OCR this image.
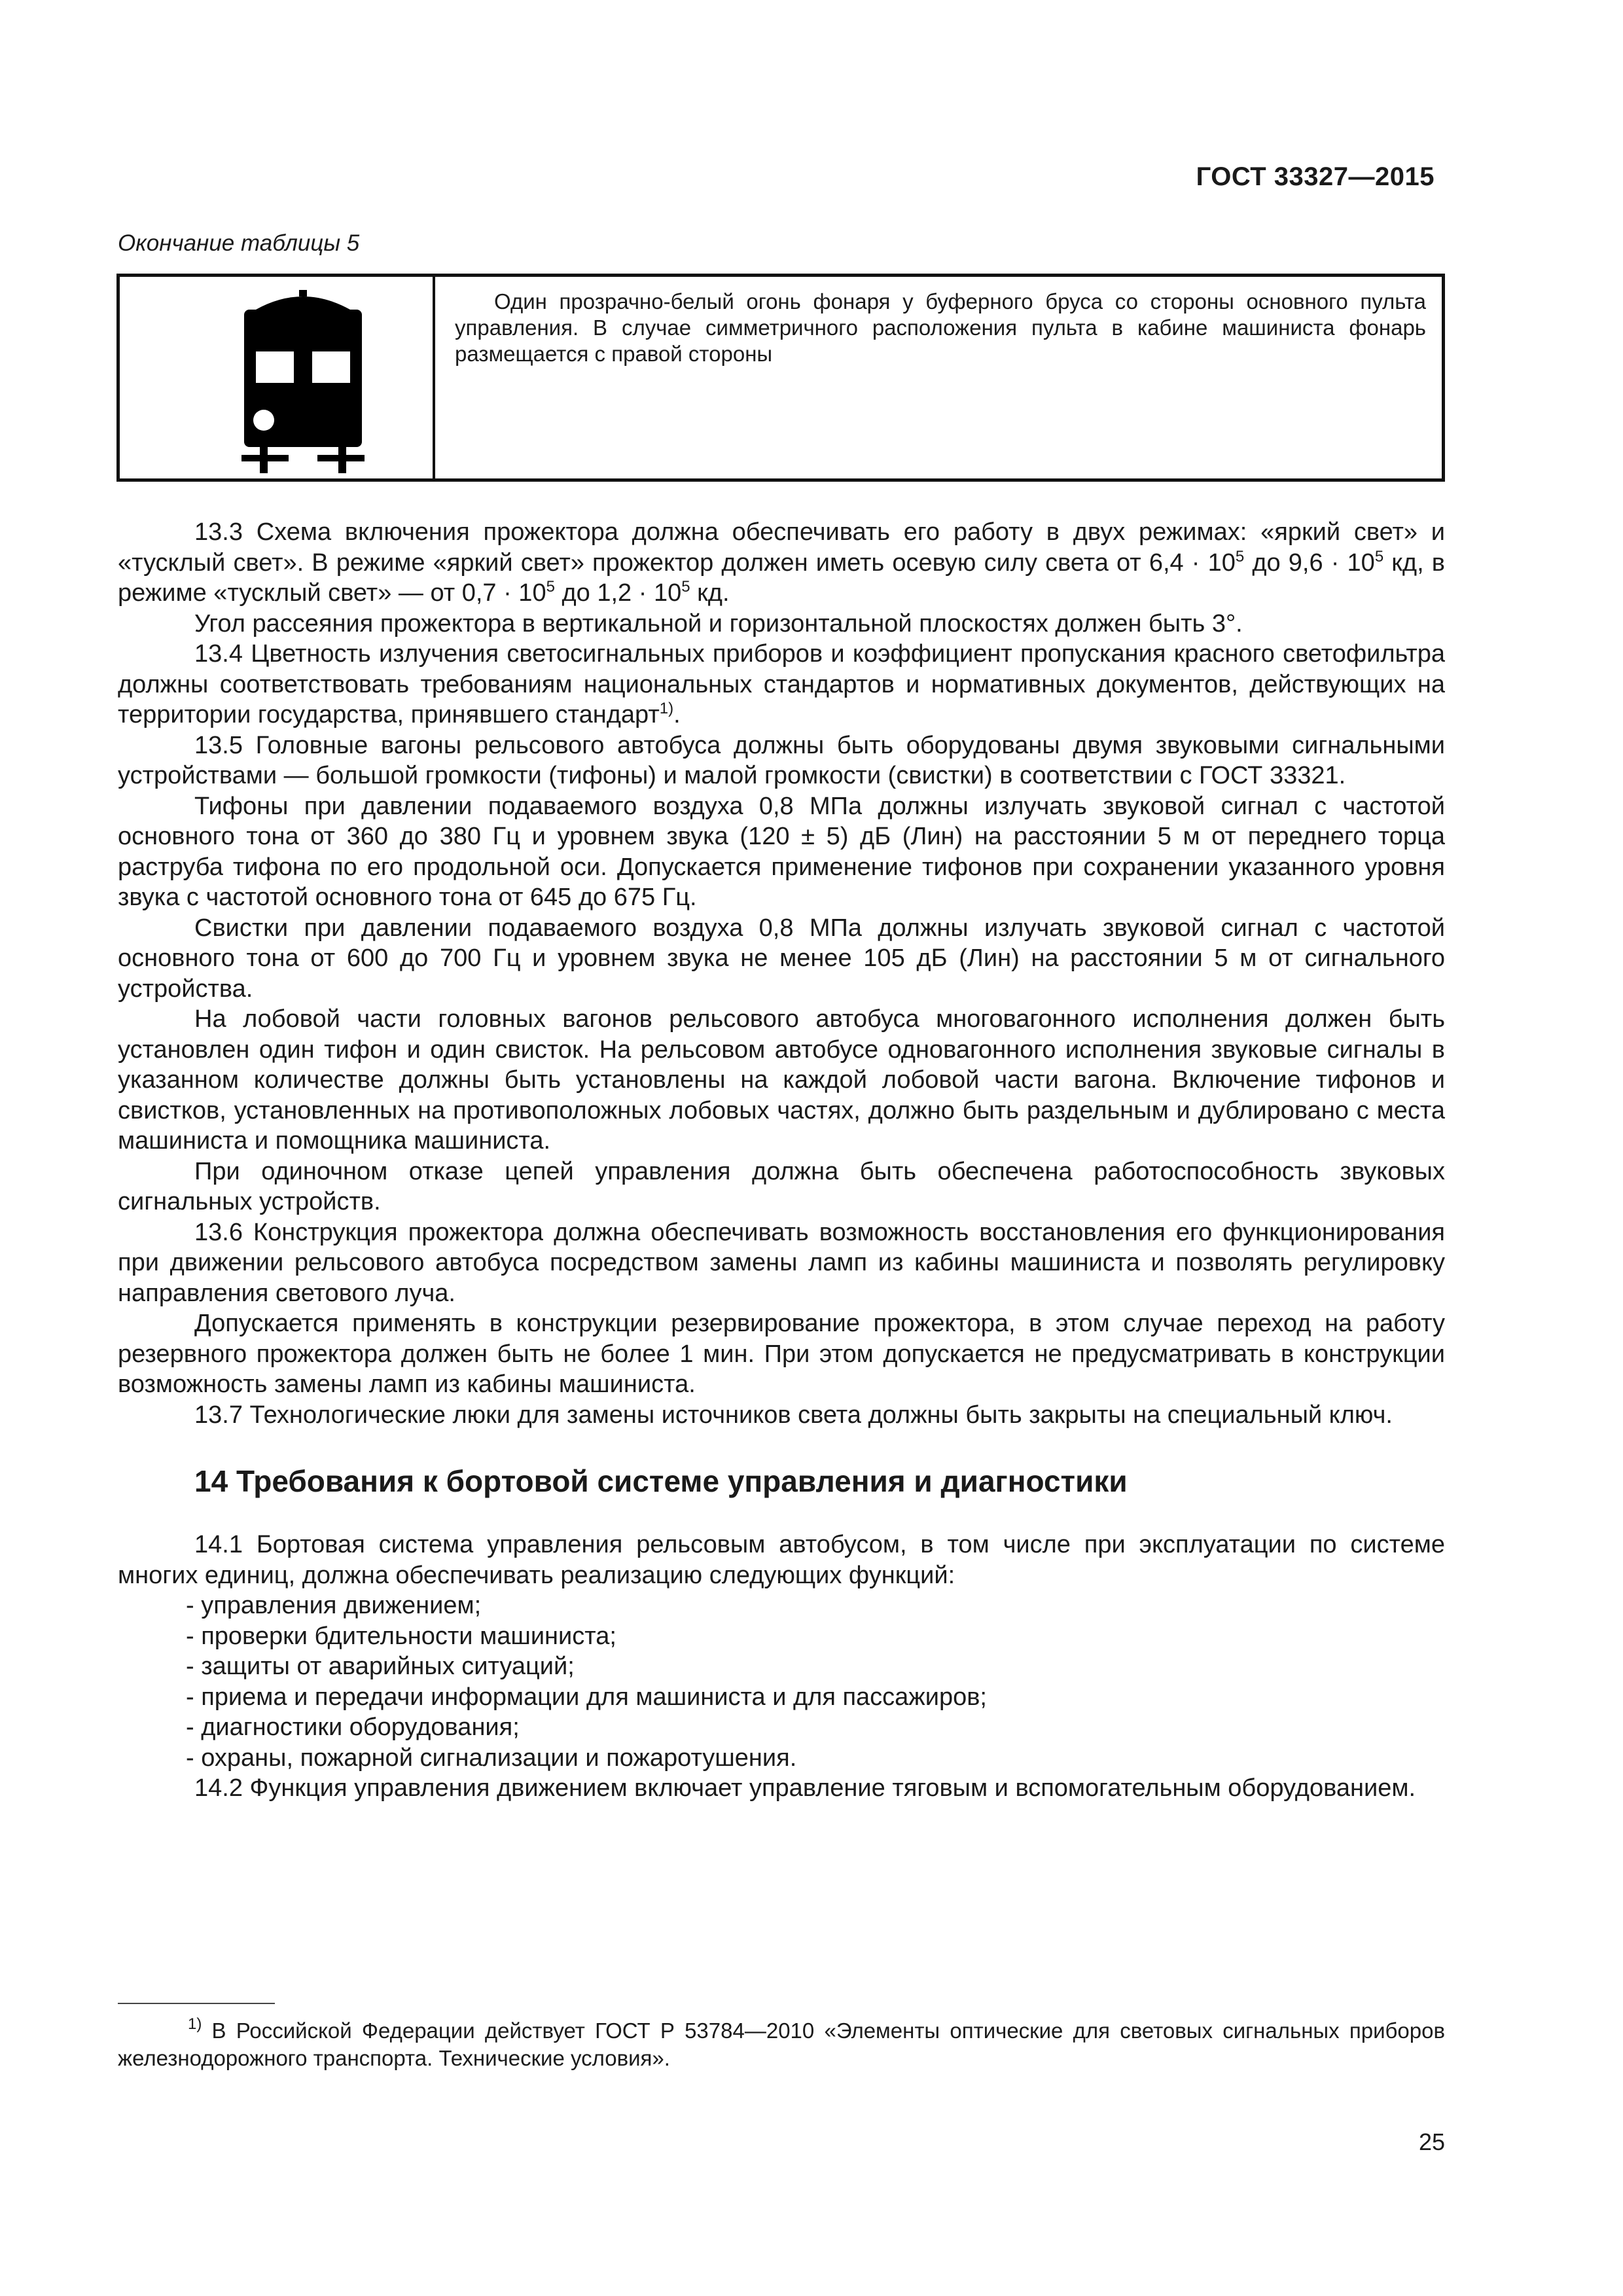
ГОСТ 33327—2015
Окончание таблицы 5
Один прозрачно-белый огонь фонаря у буферного бруса со стороны основного пульта управления. В случае симметричного расположения пульта в кабине машиниста фонарь размещается с правой стороны

13.3 Схема включения прожектора должна обеспечивать его работу в двух режимах: «яркий свет» и «тусклый свет». В режиме «яркий свет» прожектор должен иметь осевую силу света от $6,4 \cdot 10^5$ до $9,6 \cdot 10^5$ кд, в режиме «тусклый свет» — от $0,7 \cdot 10^5$ до $1,2 \cdot 10^5$ кд.

Угол рассеяния прожектора в вертикальной и горизонтальной плоскостях должен быть 3°.

13.4 Цветность излучения светосигнальных приборов и коэффициент пропускания красного светофильтра должны соответствовать требованиям национальных стандартов и нормативных документов, действующих на территории государства, принявшего стандарт$^{1)}$.

13.5 Головные вагоны рельсового автобуса должны быть оборудованы двумя звуковыми сигнальными устройствами — большой громкости (тифоны) и малой громкости (свистки) в соответствии с ГОСТ 33321.

Тифоны при давлении подаваемого воздуха 0,8 МПа должны излучать звуковой сигнал с частотой основного тона от 360 до 380 Гц и уровнем звука (120 ± 5) дБ (Лин) на расстоянии 5 м от переднего торца раструба тифона по его продольной оси. Допускается применение тифонов при сохранении указанного уровня звука с частотой основного тона от 645 до 675 Гц.

Свистки при давлении подаваемого воздуха 0,8 МПа должны излучать звуковой сигнал с частотой основного тона от 600 до 700 Гц и уровнем звука не менее 105 дБ (Лин) на расстоянии 5 м от сигнального устройства.

На лобовой части головных вагонов рельсового автобуса многовагонного исполнения должен быть установлен один тифон и один свисток. На рельсовом автобусе одновагонного исполнения звуковые сигналы в указанном количестве должны быть установлены на каждой лобовой части вагона. Включение тифонов и свистков, установленных на противоположных лобовых частях, должно быть раздельным и дублировано с места машиниста и помощника машиниста.

При одиночном отказе цепей управления должна быть обеспечена работоспособность звуковых сигнальных устройств.

13.6 Конструкция прожектора должна обеспечивать возможность восстановления его функционирования при движении рельсового автобуса посредством замены ламп из кабины машиниста и позволять регулировку направления светового луча.

Допускается применять в конструкции резервирование прожектора, в этом случае переход на работу резервного прожектора должен быть не более 1 мин. При этом допускается не предусматривать в конструкции возможность замены ламп из кабины машиниста.

13.7 Технологические люки для замены источников света должны быть закрыты на специальный ключ.

14 Требования к бортовой системе управления и диагностики

14.1 Бортовая система управления рельсовым автобусом, в том числе при эксплуатации по системе многих единиц, должна обеспечивать реализацию следующих функций:

- управления движением;
- проверки бдительности машиниста;
- защиты от аварийных ситуаций;
- приема и передачи информации для машиниста и для пассажиров;
- диагностики оборудования;
- охраны, пожарной сигнализации и пожаротушения.

14.2 Функция управления движением включает управление тяговым и вспомогательным оборудованием.

$^{1)}$ В Российской Федерации действует ГОСТ Р 53784—2010 «Элементы оптические для световых сигнальных приборов железнодорожного транспорта. Технические условия».
25
